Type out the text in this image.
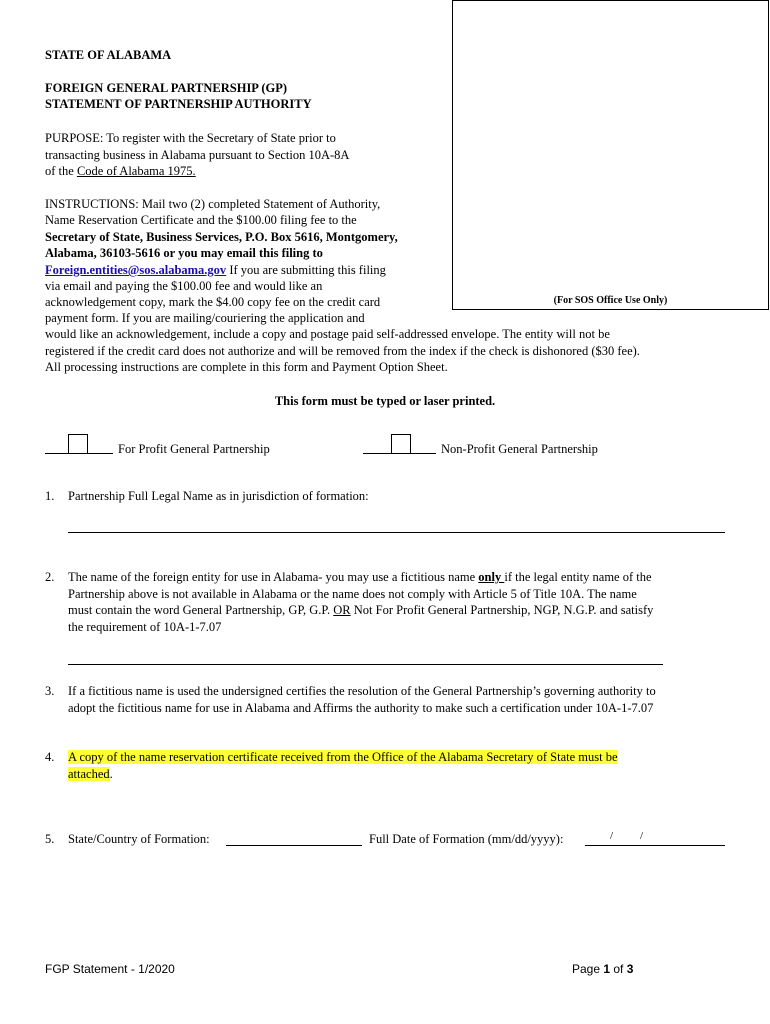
(For SOS Office Use Only)
STATE OF ALABAMA
FOREIGN GENERAL PARTNERSHIP (GP)
STATEMENT OF PARTNERSHIP AUTHORITY
PURPOSE: To register with the Secretary of State prior to
transacting business in Alabama pursuant to Section 10A-8A
of the Code of Alabama 1975.
INSTRUCTIONS: Mail two (2) completed Statement of Authority,
Name Reservation Certificate and the $100.00 filing fee to the
Secretary of State, Business Services, P.O. Box 5616, Montgomery,
Alabama, 36103-5616 or you may email this filing to
Foreign.entities@sos.alabama.gov If you are submitting this filing
via email and paying the $100.00 fee and would like an
acknowledgement copy, mark the $4.00 copy fee on the credit card
payment form. If you are mailing/couriering the application and
would like an acknowledgement, include a copy and postage paid self-addressed envelope. The entity will not be
registered if the credit card does not authorize and will be removed from the index if the check is dishonored ($30 fee).
All processing instructions are complete in this form and Payment Option Sheet.
This form must be typed or laser printed.
For Profit General Partnership	Non-Profit General Partnership
1. Partnership Full Legal Name as in jurisdiction of formation:
2. The name of the foreign entity for use in Alabama- you may use a fictitious name only if the legal entity name of the
Partnership above is not available in Alabama or the name does not comply with Article 5 of Title 10A. The name
must contain the word General Partnership, GP, G.P. OR Not For Profit General Partnership, NGP, N.G.P. and satisfy
the requirement of 10A-1-7.07
3. If a fictitious name is used the undersigned certifies the resolution of the General Partnership’s governing authority to
adopt the fictitious name for use in Alabama and Affirms the authority to make such a certification under 10A-1-7.07
4. A copy of the name reservation certificate received from the Office of the Alabama Secretary of State must be
attached.
5. State/Country of Formation:	Full Date of Formation (mm/dd/yyyy):	/ /
FGP Statement - 1/2020	Page 1 of 3
